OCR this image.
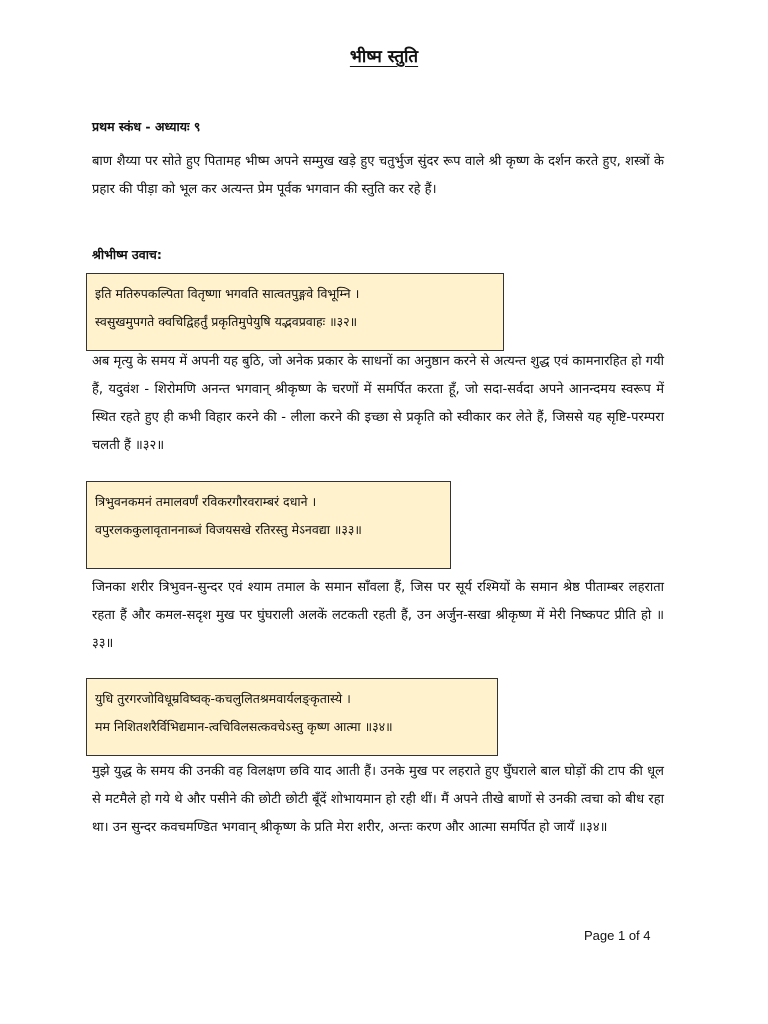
भीष्म स्तुति
प्रथम स्कंध - अध्यायः ९
बाण शैय्या पर सोते हुए पितामह भीष्म अपने सम्मुख खड़े हुए चतुर्भुज सुंदर रूप वाले श्री कृष्ण के दर्शन करते हुए, शस्त्रों के प्रहार की पीड़ा को भूल कर अत्यन्त प्रेम पूर्वक भगवान की स्तुति कर रहे हैं।
श्रीभीष्म उवाच:
इति मतिरुपकल्पिता वितृष्णा भगवति सात्वतपुङ्गवे विभूम्नि ।
स्वसुखमुपगते क्वचिद्विहर्तुं प्रकृतिमुपेयुषि यद्भवप्रवाहः ॥३२॥
अब मृत्यु के समय में अपनी यह बुठि, जो अनेक प्रकार के साधनों का अनुष्ठान करने से अत्यन्त शुद्ध एवं कामनारहित हो गयी हैं, यदुवंश - शिरोमणि अनन्त भगवान् श्रीकृष्ण के चरणों में समर्पित करता हूँ, जो सदा-सर्वदा अपने आनन्दमय स्वरूप में स्थित रहते हुए ही कभी विहार करने की - लीला करने की इच्छा से प्रकृति को स्वीकार कर लेते हैं, जिससे यह सृष्टि-परम्परा चलती हैं ॥३२॥
त्रिभुवनकमनं तमालवर्णं रविकरगौरवराम्बरं दधाने ।
वपुरलककुलावृताननाब्जं विजयसखे रतिरस्तु मेऽनवद्या ॥३३॥
जिनका शरीर त्रिभुवन-सुन्दर एवं श्याम तमाल के समान साँवला हैं, जिस पर सूर्य रश्मियों के समान श्रेष्ठ पीताम्बर लहराता रहता हैं और कमल-सदृश मुख पर घुंघराली अलकें लटकती रहती हैं, उन अर्जुन-सखा श्रीकृष्ण में मेरी निष्कपट प्रीति हो ॥३३॥
युधि तुरगरजोविधूम्रविष्वक्-कचलुलितश्रमवार्यलङ्कृतास्ये ।
मम निशितशरैर्विभिद्यमान-त्वचिविलसत्कवचेऽस्तु कृष्ण आत्मा ॥३४॥
मुझे युद्ध के समय की उनकी वह विलक्षण छवि याद आती हैं। उनके मुख पर लहराते हुए घुँघराले बाल घोड़ों की टाप की धूल से मटमैले हो गये थे और पसीने की छोटी छोटी बूँदें शोभायमान हो रही थीं। मैं अपने तीखे बाणों से उनकी त्वचा को बीध रहा था। उन सुन्दर कवचमण्डित भगवान् श्रीकृष्ण के प्रति मेरा शरीर, अन्तः करण और आत्मा समर्पित हो जायँ ॥३४॥
Page 1 of 4
